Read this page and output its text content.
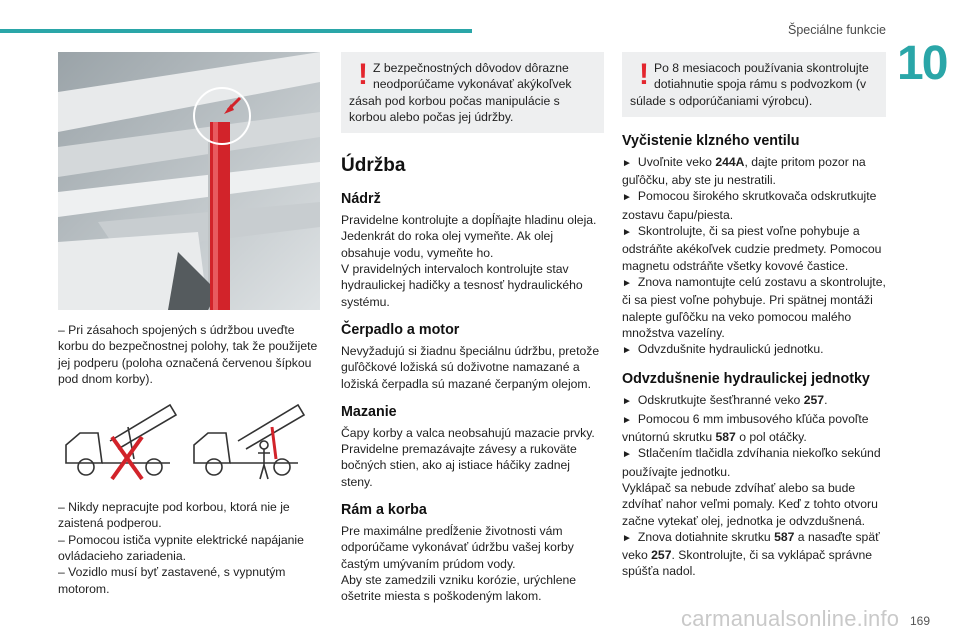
Špeciálne funkcie
10

– Pri zásahoch spojených s údržbou uveďte korbu do bezpečnostnej polohy, tak že použijete jej podperu (poloha označená červenou šípkou pod dnom korby).

– Nikdy nepracujte pod korbou, ktorá nie je zaistená podperou.

– Pomocou ističa vypnite elektrické napájanie ovládacieho zariadenia.

– Vozidlo musí byť zastavené, s vypnutým motorom.

! Z bezpečnostných dôvodov dôrazne neodporúčame vykonávať akýkoľvek
zásah pod korbou počas manipulácie s korbou alebo počas jej údržby.
Údržba
Nádrž

Pravidelne kontrolujte a dopĺňajte hladinu oleja. Jedenkrát do roka olej vymeňte. Ak olej obsahuje vodu, vymeňte ho.
V pravidelných intervaloch kontrolujte stav hydraulickej hadičky a tesnosť hydraulického systému.

Čerpadlo a motor

Nevyžadujú si žiadnu špeciálnu údržbu, pretože guľôčkové ložiská sú doživotne namazané a ložiská čerpadla sú mazané čerpaným olejom.

Mazanie

Čapy korby a valca neobsahujú mazacie prvky. Pravidelne premazávajte závesy a rukoväte bočných stien, ako aj istiace háčiky zadnej steny.

Rám a korba

Pre maximálne predĺženie životnosti vám odporúčame vykonávať údržbu vašej korby častým umývaním prúdom vody.
Aby ste zamedzili vzniku korózie, urýchlene ošetrite miesta s poškodeným lakom.

! Po 8 mesiacoch používania skontrolujte dotiahnutie spoja rámu s podvozkom (v
súlade s odporúčaniami výrobcu).
Vyčistenie klzného ventilu

► Uvoľnite veko 244A, dajte pritom pozor na guľôčku, aby ste ju nestratili.

► Pomocou širokého skrutkovača odskrutkujte zostavu čapu/piesta.

► Skontrolujte, či sa piest voľne pohybuje a odstráňte akékoľvek cudzie predmety. Pomocou magnetu odstráňte všetky kovové častice.

► Znova namontujte celú zostavu a skontrolujte, či sa piest voľne pohybuje. Pri spätnej montáži nalepte guľôčku na veko pomocou malého množstva vazelíny.

► Odvzdušnite hydraulickú jednotku.

Odvzdušnenie hydraulickej jednotky

► Odskrutkujte šesťhranné veko 257.

► Pomocou 6 mm imbusového kľúča povoľte vnútornú skrutku 587 o pol otáčky.

► Stlačením tlačidla zdvíhania niekoľko sekúnd používajte jednotku.

Vyklápač sa nebude zdvíhať alebo sa bude zdvíhať nahor veľmi pomaly. Keď z tohto otvoru začne vytekať olej, jednotka je odvzdušnená.

► Znova dotiahnite skrutku 587 a nasaďte späť veko 257. Skontrolujte, či sa vyklápač správne spúšťa nadol.

169
carmanualsonline.info
